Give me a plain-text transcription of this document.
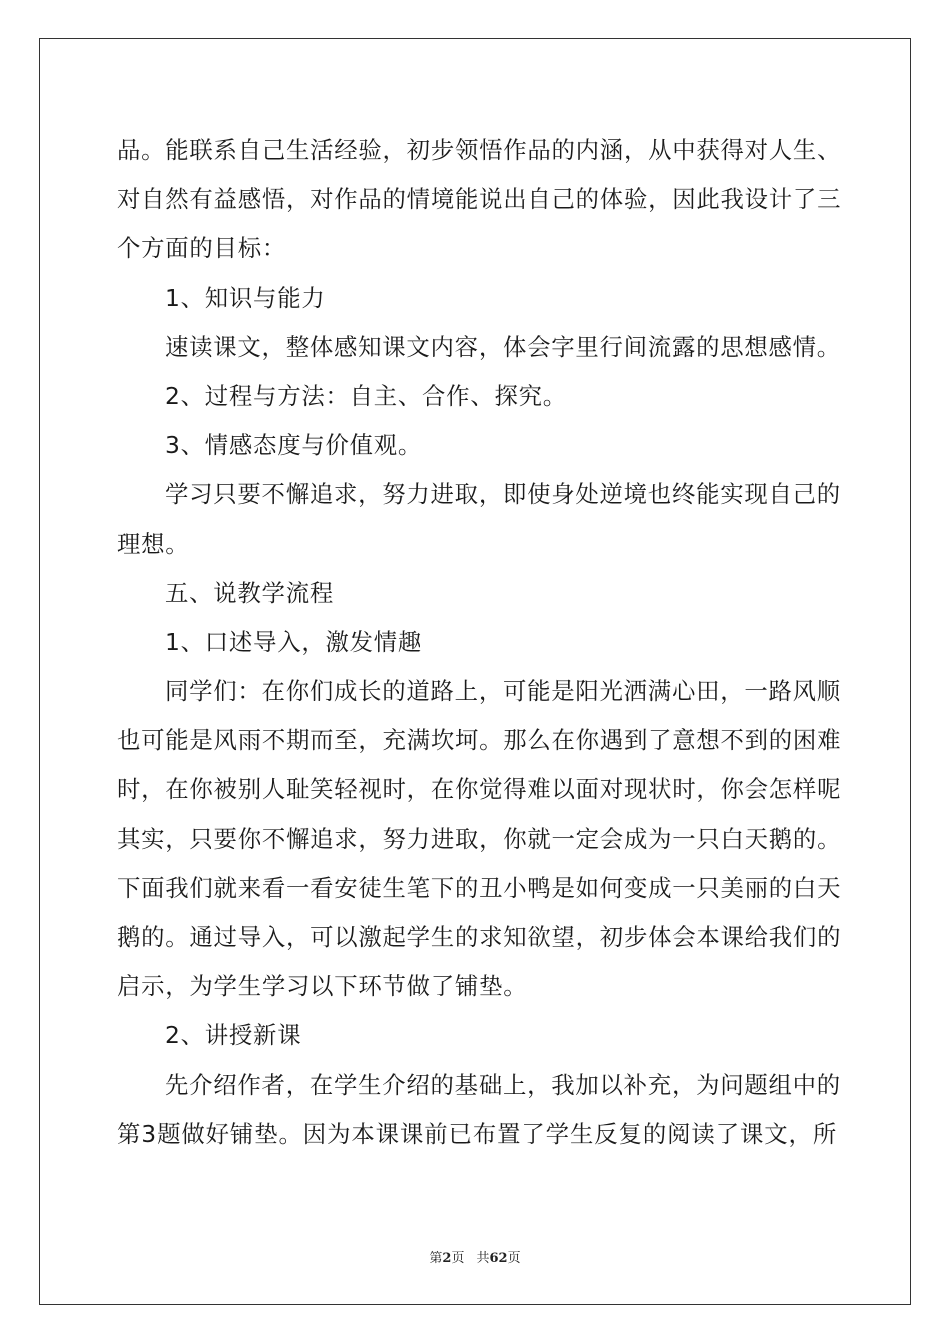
品。能联系自己生活经验，初步领悟作品的内涵，从中获得对人生、
对自然有益感悟，对作品的情境能说出自己的体验，因此我设计了三
个方面的目标：
1、知识与能力
速读课文，整体感知课文内容，体会字里行间流露的思想感情。
2、过程与方法：自主、合作、探究。
3、情感态度与价值观。
学习只要不懈追求，努力进取，即使身处逆境也终能实现自己的
理想。
五、说教学流程
1、口述导入，激发情趣
同学们：在你们成长的道路上，可能是阳光洒满心田，一路风顺
也可能是风雨不期而至，充满坎坷。那么在你遇到了意想不到的困难
时，在你被别人耻笑轻视时，在你觉得难以面对现状时，你会怎样呢
其实，只要你不懈追求，努力进取，你就一定会成为一只白天鹅的。
下面我们就来看一看安徒生笔下的丑小鸭是如何变成一只美丽的白天
鹅的。通过导入，可以激起学生的求知欲望，初步体会本课给我们的
启示，为学生学习以下环节做了铺垫。
2、讲授新课
先介绍作者，在学生介绍的基础上，我加以补充，为问题组中的
第3题做好铺垫。因为本课课前已布置了学生反复的阅读了课文，所
第2页 共62页
